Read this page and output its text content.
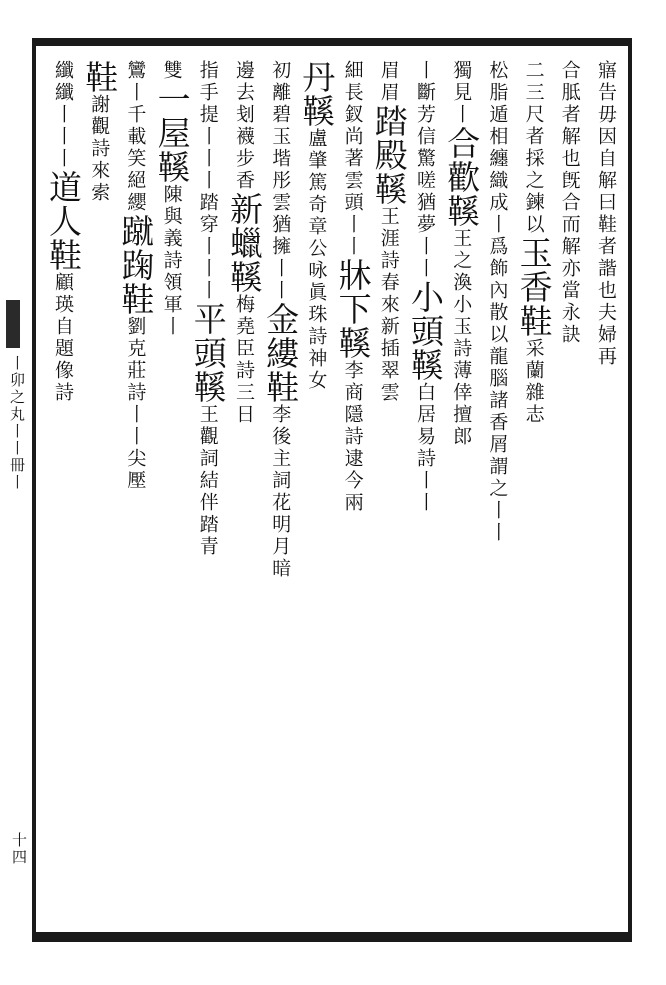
丨卯之丸丨丨冊丨
十四
寤告毋因自解曰鞋者諧也夫婦再
合胝者解也旣合而解亦當永訣
二三尺者採之鍊以玉香鞋采蘭雜志
松脂遁相纏織成丨爲飾內散以龍腦諸香屑謂之丨丨
獨見丨合歡鞵王之渙小玉詩薄倖擅郎
丨斷芳信驚嗟猶夢丨丨小頭鞵白居易詩丨丨
眉眉踏殿鞵王涯詩春來新插翠雲
細長釵尚著雲頭丨丨牀下鞵李商隱詩逮今兩
丹鞵盧肇篤奇章公咏眞珠詩神女
初離碧玉堦彤雲猶擁丨丨金縷鞋李後主詞花明月暗
邊去刬襪步香新蠟鞵梅堯臣詩三日
指手提丨丨丨踏穿丨丨丨平頭鞵王觀詞結伴踏青
雙一屋鞵陳與義詩領軍丨
鸞丨千載笑絕纓蹴踘鞋劉克莊詩丨丨尖壓
鞋謝觀詩來索
纖纖丨丨丨道人鞋顧瑛自題像詩
